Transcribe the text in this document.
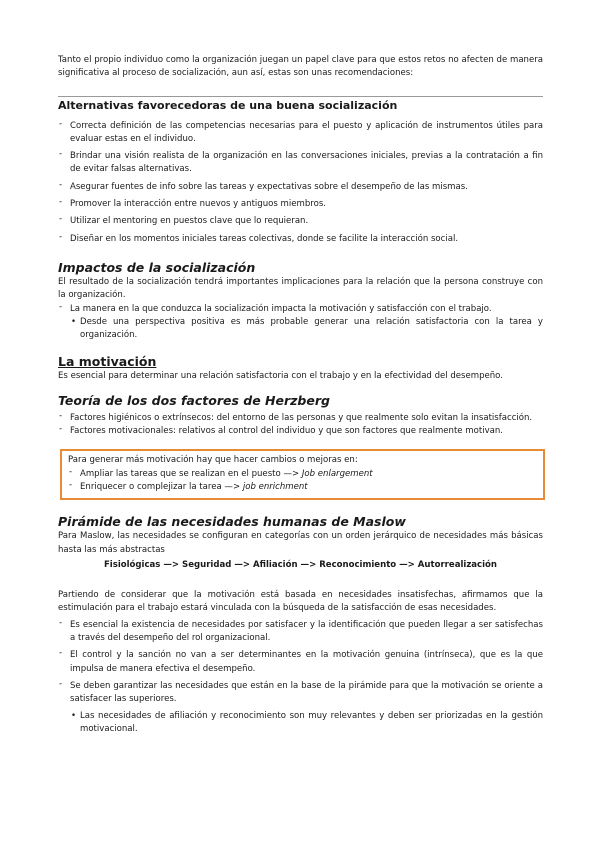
Tanto el propio individuo como la organización juegan un papel clave para que estos retos no afecten de manera significativa al proceso de socialización, aun así, estas son unas recomendaciones:

Alternativas favorecedoras de una buena socialización
- Correcta definición de las competencias necesarias para el puesto y aplicación de instrumentos útiles para evaluar estas en el individuo.
- Brindar una visión realista de la organización en las conversaciones iniciales, previas a la contratación a fin de evitar falsas alternativas.
- Asegurar fuentes de info sobre las tareas y expectativas sobre el desempeño de las mismas.
- Promover la interacción entre nuevos y antiguos miembros.
- Utilizar el mentoring en puestos clave que lo requieran.
- Diseñar en los momentos iniciales tareas colectivas, donde se facilite la interacción social.
Impactos de la socialización

El resultado de la socialización tendrá importantes implicaciones para la relación que la persona construye con la organización.

- La manera en la que conduzca la socialización impacta la motivación y satisfacción con el trabajo.
• Desde una perspectiva positiva es más probable generar una relación satisfactoria con la tarea y organización.
La motivación

Es esencial para determinar una relación satisfactoria con el trabajo y en la efectividad del desempeño.

Teoría de los dos factores de Herzberg
- Factores higiénicos o extrínsecos: del entorno de las personas y que realmente solo evitan la insatisfacción.
- Factores motivacionales: relativos al control del individuo y que son factores que realmente motivan.

Para generar más motivación hay que hacer cambios o mejoras en:

- Ampliar las tareas que se realizan en el puesto —> Job enlargement
- Enriquecer o complejizar la tarea —> job enrichment
Pirámide de las necesidades humanas de Maslow

Para Maslow, las necesidades se configuran en categorías con un orden jerárquico de necesidades más básicas hasta las más abstractas

Fisiológicas —> Seguridad —> Afiliación —> Reconocimiento —> Autorrealización

Partiendo de considerar que la motivación está basada en necesidades insatisfechas, afirmamos que la estimulación para el trabajo estará vinculada con la búsqueda de la satisfacción de esas necesidades.

- Es esencial la existencia de necesidades por satisfacer y la identificación que pueden llegar a ser satisfechas a través del desempeño del rol organizacional.
- El control y la sanción no van a ser determinantes en la motivación genuina (intrínseca), que es la que impulsa de manera efectiva el desempeño.
- Se deben garantizar las necesidades que están en la base de la pirámide para que la motivación se oriente a satisfacer las superiores.
• Las necesidades de afiliación y reconocimiento son muy relevantes y deben ser priorizadas en la gestión motivacional.
